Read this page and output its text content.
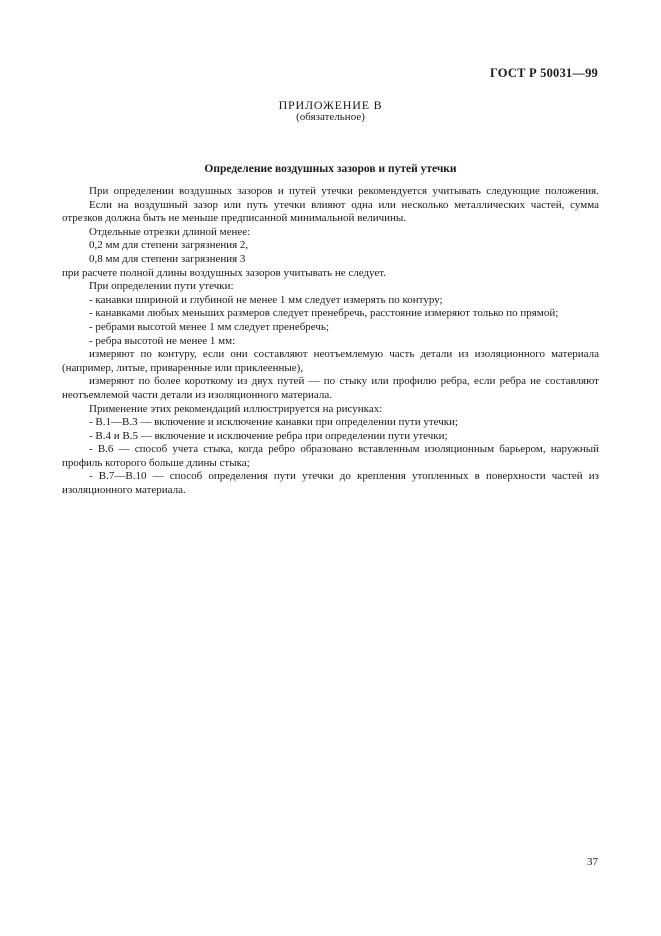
ГОСТ Р 50031—99
ПРИЛОЖЕНИЕ В
(обязательное)
Определение воздушных зазоров и путей утечки

При определении воздушных зазоров и путей утечки рекомендуется учитывать следующие положения.

Если на воздушный зазор или путь утечки влияют одна или несколько металлических частей, сумма отрезков должна быть не меньше предписанной минимальной величины.

Отдельные отрезки длиной менее:

0,2 мм для степени загрязнения 2,

0,8 мм для степени загрязнения 3

при расчете полной длины воздушных зазоров учитывать не следует.

При определении пути утечки:

- канавки шириной и глубиной не менее 1 мм следует измерять по контуру;

- канавками любых меньших размеров следует пренебречь, расстояние измеряют только по прямой;

- ребрами высотой менее 1 мм следует пренебречь;

- ребра высотой не менее 1 мм:

измеряют по контуру, если они составляют неотъемлемую часть детали из изоляционного материала (например, литые, приваренные или приклеенные),

измеряют по более короткому из двух путей — по стыку или профилю ребра, если ребра не составляют неотъемлемой части детали из изоляционного материала.

Применение этих рекомендаций иллюстрируется на рисунках:

- В.1—В.3 — включение и исключение канавки при определении пути утечки;

- В.4 и В.5 — включение и исключение ребра при определении пути утечки;

- В.6 — способ учета стыка, когда ребро образовано вставленным изоляционным барьером, наружный профиль которого больше длины стыка;

- В.7—В.10 — способ определения пути утечки до крепления утопленных в поверхности частей из изоляционного материала.

37
